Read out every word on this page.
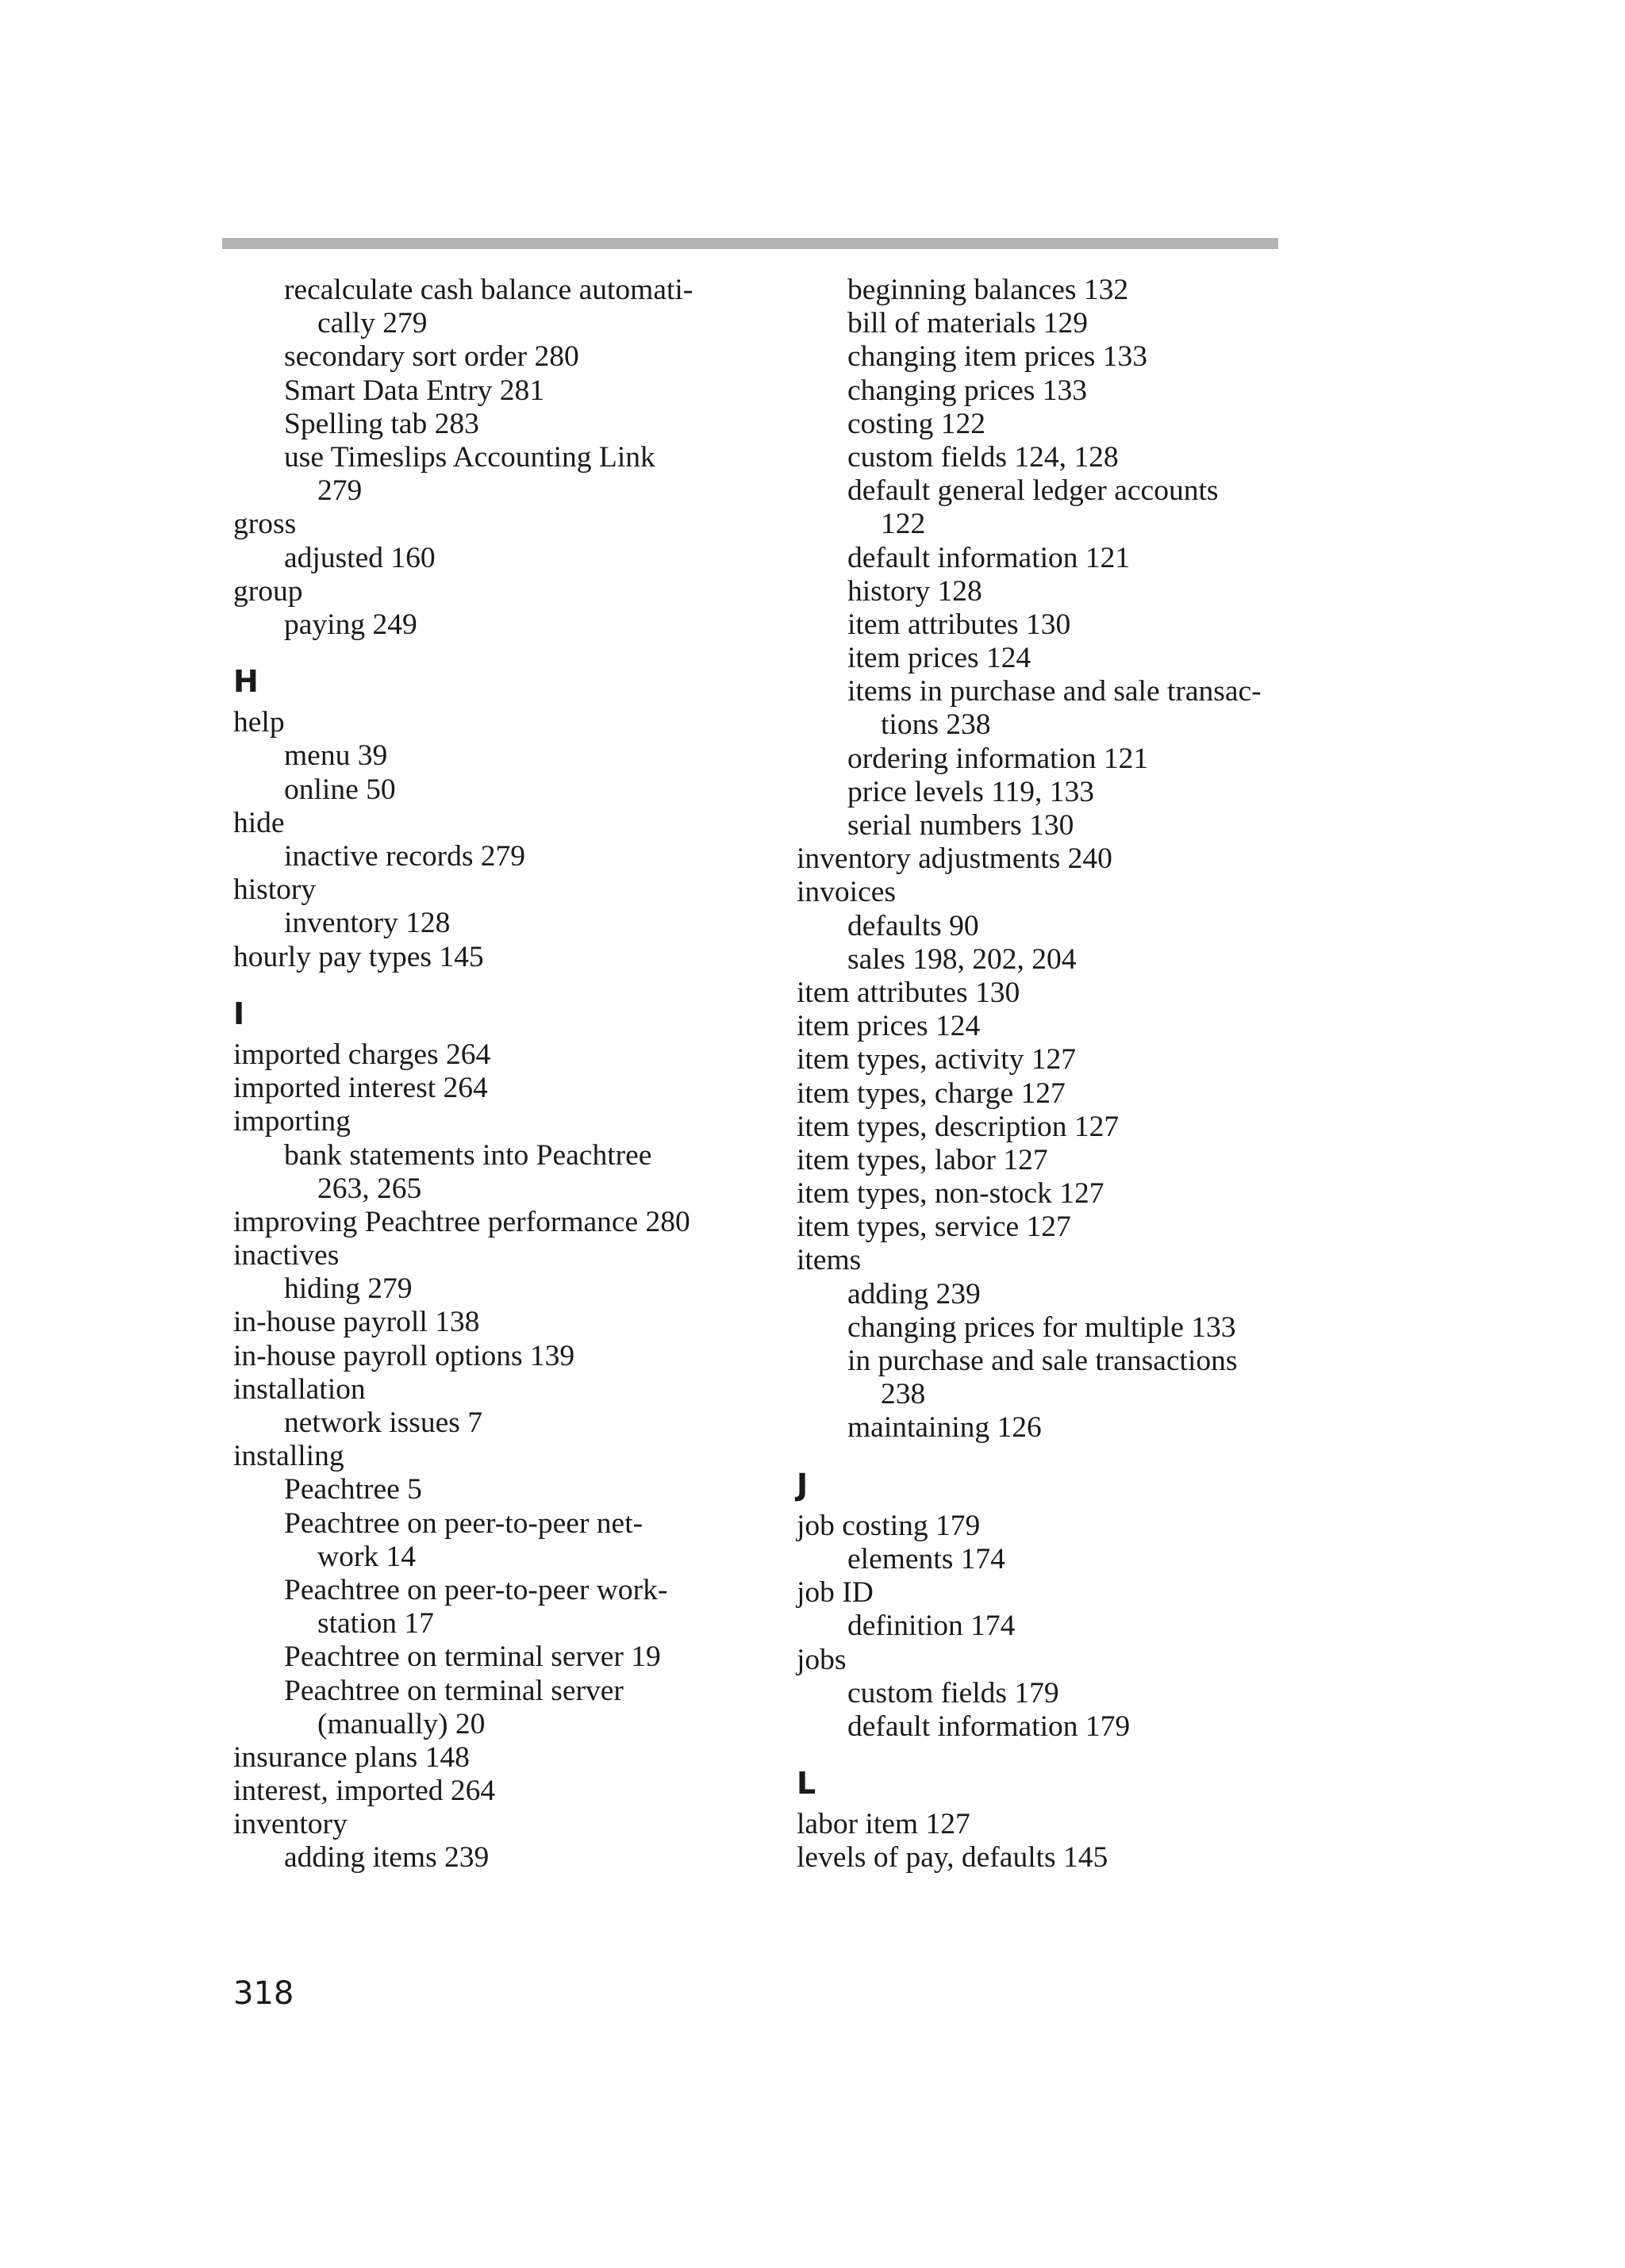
recalculate cash balance automati-
cally 279
secondary sort order 280
Smart Data Entry 281
Spelling tab 283
use Timeslips Accounting Link
279
gross
adjusted 160
group
paying 249
H
help
menu 39
online 50
hide
inactive records 279
history
inventory 128
hourly pay types 145
I
imported charges 264
imported interest 264
importing
bank statements into Peachtree
263, 265
improving Peachtree performance 280
inactives
hiding 279
in-house payroll 138
in-house payroll options 139
installation
network issues 7
installing
Peachtree 5
Peachtree on peer-to-peer net-
work 14
Peachtree on peer-to-peer work-
station 17
Peachtree on terminal server 19
Peachtree on terminal server
(manually) 20
insurance plans 148
interest, imported 264
inventory
adding items 239
beginning balances 132
bill of materials 129
changing item prices 133
changing prices 133
costing 122
custom fields 124, 128
default general ledger accounts
122
default information 121
history 128
item attributes 130
item prices 124
items in purchase and sale transac-
tions 238
ordering information 121
price levels 119, 133
serial numbers 130
inventory adjustments 240
invoices
defaults 90
sales 198, 202, 204
item attributes 130
item prices 124
item types, activity 127
item types, charge 127
item types, description 127
item types, labor 127
item types, non-stock 127
item types, service 127
items
adding 239
changing prices for multiple 133
in purchase and sale transactions
238
maintaining 126
J
job costing 179
elements 174
job ID
definition 174
jobs
custom fields 179
default information 179
L
labor item 127
levels of pay, defaults 145
318
